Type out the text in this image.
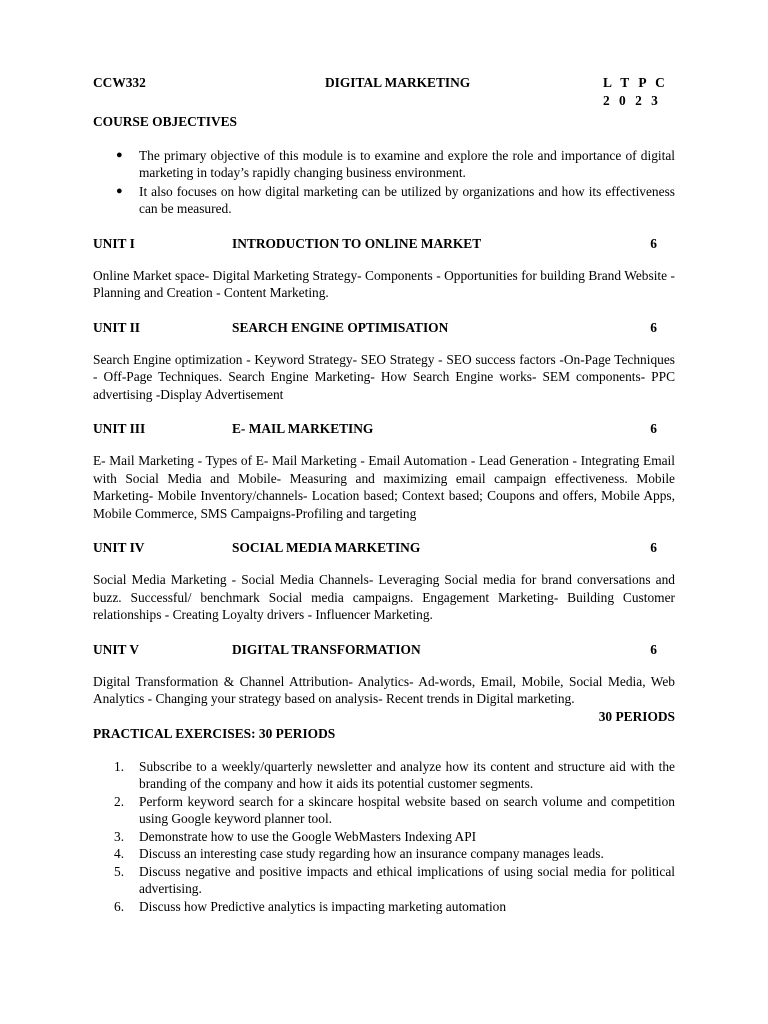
CCW332	DIGITAL MARKETING	L T P C
2 0 2 3
COURSE OBJECTIVES
● The primary objective of this module is to examine and explore the role and importance of digital marketing in today’s rapidly changing business environment.
● It also focuses on how digital marketing can be utilized by organizations and how its effectiveness can be measured.
UNIT I	INTRODUCTION TO ONLINE MARKET	6
Online Market space- Digital Marketing Strategy- Components - Opportunities for building Brand Website - Planning and Creation - Content Marketing.
UNIT II	SEARCH ENGINE OPTIMISATION	6
Search Engine optimization - Keyword Strategy- SEO Strategy - SEO success factors -On-Page Techniques - Off-Page Techniques. Search Engine Marketing- How Search Engine works- SEM components- PPC advertising -Display Advertisement
UNIT III	E- MAIL MARKETING	6
E- Mail Marketing - Types of E- Mail Marketing - Email Automation - Lead Generation - Integrating Email with Social Media and Mobile- Measuring and maximizing email campaign effectiveness. Mobile Marketing- Mobile Inventory/channels- Location based; Context based; Coupons and offers, Mobile Apps, Mobile Commerce, SMS Campaigns-Profiling and targeting
UNIT IV	SOCIAL MEDIA MARKETING	6
Social Media Marketing - Social Media Channels- Leveraging Social media for brand conversations and buzz. Successful/ benchmark Social media campaigns. Engagement Marketing- Building Customer relationships - Creating Loyalty drivers - Influencer Marketing.
UNIT V	DIGITAL TRANSFORMATION	6
Digital Transformation & Channel Attribution- Analytics- Ad-words, Email, Mobile, Social Media, Web Analytics - Changing your strategy based on analysis- Recent trends in Digital marketing.
30 PERIODS
PRACTICAL EXERCISES: 30 PERIODS
1. Subscribe to a weekly/quarterly newsletter and analyze how its content and structure aid with the branding of the company and how it aids its potential customer segments.
2. Perform keyword search for a skincare hospital website based on search volume and competition using Google keyword planner tool.
3. Demonstrate how to use the Google WebMasters Indexing API
4. Discuss an interesting case study regarding how an insurance company manages leads.
5. Discuss negative and positive impacts and ethical implications of using social media for political advertising.
6. Discuss how Predictive analytics is impacting marketing automation
